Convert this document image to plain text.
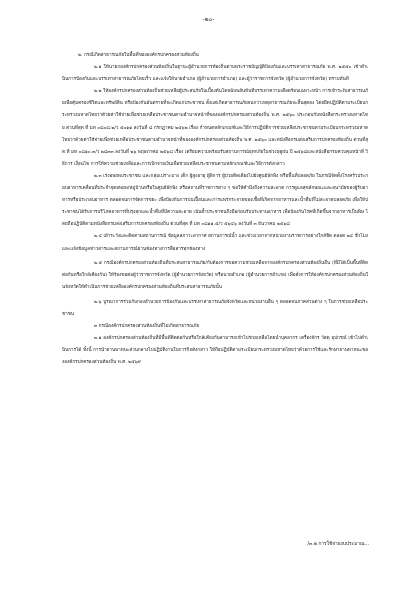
-๒๐-

๒. กรณีเกิดสาธารณภัยในพื้นที่ขององค์กรปกครองส่วนท้องถิ่น

๒.๑ ให้นายกองค์กรปกครองส่วนท้องถิ่นในฐานะผู้อำนวยการท้องถิ่นตามพระราชบัญญัติป้องกันและบรรเทาสาธารณภัย พ.ศ. ๒๕๕๐ เข้าดำเนินการป้องกันและบรรเทาสาธารณภัยโดยเร็ว และแจ้งให้นายอำเภอ (ผู้อำนวยการอำเภอ) และผู้ว่าราชการจังหวัด (ผู้อำนวยการจังหวัด) ทราบทันที

๒.๒ ให้องค์กรปกครองส่วนท้องถิ่นช่วยเหลือผู้ประสบภัยในเบื้องต้นโดยฉับพลันทันทีบรรเทาความเดือดร้อนเฉพาะหน้า การเข้าระงับสาธารณภัยเพื่อคุ้มครองชีวิตและทรัพย์สิน หรือป้องกันอันตรายที่จะเกิดแก่ประชาชน ตั้งแต่เกิดสาธารณภัยจนกว่าเหตุสาธารณภัยจะสิ้นสุดลง โดยยึดปฏิบัติตามระเบียบกระทรวงมหาดไทยว่าด้วยค่าใช้จ่ายเพื่อช่วยเหลือประชาชนตามอำนาจหน้าที่ขององค์กรปกครองส่วนท้องถิ่น พ.ศ. ๒๕๖๐ ประกอบกับหนังสือกระทรวงมหาดไทย ด่วนที่สุด ที่ มท ๐๘๐๘.๒/ว ๕๐๑๑ ลงวันที่ ๘ กรกฎาคม ๒๕๖๒ เรื่อง กำหนดหลักเกณฑ์และวิธีการปฏิบัติการช่วยเหลือประชาชนตามระเบียบกระทรวงมหาดไทยว่าด้วยค่าใช้จ่ายเพื่อช่วยเหลือประชาชนตามอำนาจหน้าที่ขององค์กรปกครองส่วนท้องถิ่น พ.ศ. ๒๕๖๐ และหนังสือกรมส่งเสริมการปกครองท้องถิ่น ด่วนที่สุด ที่ มท ๐๘๑๐.๓/ว ๒๘๓๓ ลงวันที่ ๒๖ พฤษภาคม ๒๕๖๘ เรื่อง เตรียมความพร้อมรับสถานการณ์อุทกภัยในช่วงฤดูฝน ปี ๒๕๖๘และหนังสือกรมควบคุมหน้าที่ วิธีการ เงื่อนไข การให้ความช่วยเหลือและการเบิกจ่ายเงินเพื่อช่วยเหลือประชาชนตามหลักเกณฑ์และวิธีการดังกล่าว

๒.๓ เร่งอพยพประชาชน และกลุ่มเปราะบาง เด็ก ผู้สูงอายุ ผู้พิการ ผู้ป่วยติดเตียงไปยังศูนย์พักพิง หรือพื้นที่ปลอดภัย ในกรณีจัดตั้งโรงครัวประกอบอาหารเคลื่อนที่ประจำจุดอพยพ/หมู่บ้านหรือในศูนย์พักพิง หรือสถานที่ราชการต่าง ๆ ขอให้คำนึงถึงความสะอาด การดูแลสุขลักษณะและอนามัยของผู้รับอาหารหรือประกอบอาหาร ตลอดจนการจัดการขยะ เพื่อป้องกันการปนเปื้อนและการแพร่กระจายของเชื้อที่เกิดจากอาหารและน้ำดื่มที่ไม่สะอาดปลอดภัย เพื่อให้ประชาชนได้รับการบริโภคอาหารที่ปรุงสุกและน้ำดื่มที่มีความสะอาด เน้นย้ำประชาชนถึงมือก่อนรับประทานอาหาร เพื่อป้องกันโรคที่เกิดขึ้นจากอาหารเป็นพิษ โดยถือปฏิบัติตามหนังสือกรมส่งเสริมการปกครองท้องถิ่น ด่วนที่สุด ที่ มท ๐๘๑๑.๕/ว ๕๖๔๖ ลงวันที่ ๓ ธันวาคม ๒๕๖๘

๒.๔ เฝ้าระวังและติดตามสถานการณ์ ข้อมูลสภาวะอากาศ สถานการณ์น้ำ และช่วงเวลาจากหน่วยงานราชการอย่างใกล้ชิด ตลอด ๒๔ ชั่วโมง และแจ้งข้อมูลข่าวสารและสถานการณ์ผ่านช่องทางการสื่อสารทุกช่องทาง

๒.๕ กรณีองค์กรปกครองส่วนท้องถิ่นที่ประสบสาธารณภัย/กับต้องการขอความช่วยเหลือจากองค์กรปกครองส่วนท้องถิ่นอื่น (ที่มิได้เป็นพื้นที่ติดต่อกันหรือใกล้เคียงกัน) ให้ร้องขอต่อผู้ว่าราชการจังหวัด (ผู้อำนวยการจังหวัด) หรือนายอำเภอ (ผู้อำนวยการอำเภอ) เพื่อสั่งการให้องค์กรปกครองส่วนท้องถิ่นในจังหวัดให้ดำเนินการช่วยเหลือองค์กรปกครองส่วนท้องถิ่นที่ประสบสาธารณภัยนั้น

๒.๖ บูรณาการร่วมกับกองอำนวยการป้องกันและบรรเทาสาธารณภัยจังหวัดและหน่วยงานอื่น ๆ ตลอดจนภาคส่วนต่าง ๆ ในการช่วยเหลือประชาชน

๓ กรณีองค์กรปกครองส่วนท้องถิ่นที่ไม่เกิดสาธารณภัย

๓.๑ องค์กรปกครองส่วนท้องถิ่นที่มีพื้นที่ติดต่อกันหรือใกล้เคียงกันสามารถเข้าไปช่วยเหลือโดยนำบุคลากร เครื่องจักร วัสดุ อุปกรณ์ เข้าไปดำเนินการได้ ทั้งนี้ การนำยานพาหนะส่วนกลางไปปฏิบัติงานในการกิจดังกล่าว ให้ถือปฏิบัติตามระเบียบกระทรวงมหาดไทยว่าด้วยการใช้และรักษายานพาหนะขององค์กรปกครองส่วนท้องถิ่น พ.ศ. ๒๕๖๙

/๓.๒ การใช้จ่ายงบประมาณ...
